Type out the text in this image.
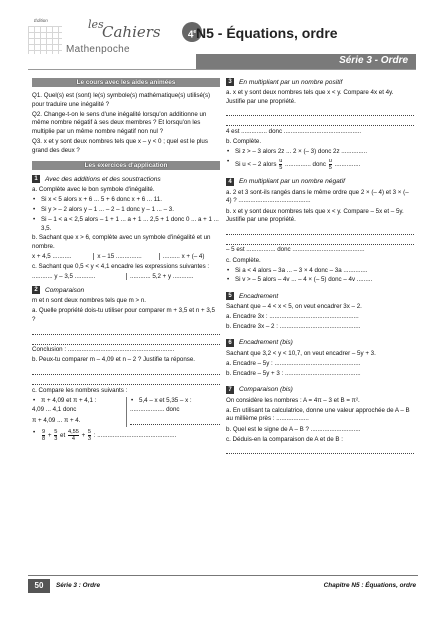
Édition	les
Cahiers
Mathenpoche
4e N5 - Équations, ordre
Série 3 - Ordre
Le cours avec les aides animées

Q1. Quel(s) est (sont) le(s) symbole(s) mathématique(s) utilisé(s) pour traduire une inégalité ?

Q2. Change-t-on le sens d'une inégalité lorsqu'on additionne un même nombre négatif à ses deux membres ? Et lorsqu'on les multiplie par un même nombre négatif non nul ?

Q3. x et y sont deux nombres tels que x – y < 0 ; quel est le plus grand des deux ?

Les exercices d'application
1	Avec des additions et des soustractions

a. Complète avec le bon symbole d'inégalité.

• Si x < 5 alors x + 6 ... 5 + 6 donc x + 6 ... 11.
• Si y > – 2 alors y – 1 ... – 2 – 1 donc y – 1 ... – 3.
• Si – 1 < a < 2,5 alors – 1 + 1 ... a + 1 ... 2,5 + 1 donc 0 ... a + 1 ... 3,5.

b. Sachant que x > 6, complète avec un symbole d'inégalité et un nombre.

x + 4,5 ...........	x – 15 ...............	.......... x + (– 4)

c. Sachant que 0,5 < y < 4,1 encadre les expressions suivantes :

............ y – 3,5 ............	............ 5,2 + y ............
2	Comparaison

m et n sont deux nombres tels que m > n.

a. Quelle propriété dois-tu utiliser pour comparer m + 3,5 et n + 3,5 ?

Conclusion : ..............................................................

b. Peux-tu comparer m – 4,09 et n – 2 ? Justifie ta réponse.

c. Compare les nombres suivants :

• π + 4,09 et π + 4,1 :

4,09 ... 4,1 donc

π + 4,09 ... π + 4.

• 5,4 – x et 5,35 – x :

.................... donc

• $\frac{9}{8} + \frac{5}{3}$ et $\frac{4,55}{4} + \frac{5}{3}$ : ..............................................
3	En multipliant par un nombre positif

a. x et y sont deux nombres tels que x < y. Compare 4x et 4y. Justifie par une propriété.

4 est ............... donc .............................................

b. Complète.

• Si z > – 3 alors 2z ... 2 × (– 3) donc 2z ...............
• Si u < – 2 alors $\frac{u}{5}$ ............... donc $\frac{u}{5}$ ...............
4	En multipliant par un nombre négatif

a. 2 et 3 sont-ils rangés dans le même ordre que 2 × (– 4) et 3 × (– 4) ? ..........................................

b. x et y sont deux nombres tels que x < y. Compare – 5x et – 5y. Justifie par une propriété.

– 5 est ................. donc ..........................................

c. Complète.

• Si a < 4 alors – 3a ... – 3 × 4 donc – 3a ..............
• Si v > – 5 alors – 4v ... – 4 × (– 5) donc – 4v .........
5	Encadrement

Sachant que – 4 < x < 5, on veut encadrer 3x – 2.

a. Encadre 3x : ....................................................

b. Encadre 3x – 2 : ...............................................

6	Encadrement (bis)

Sachant que 3,2 < y < 10,7, on veut encadrer – 5y + 3.

a. Encadre – 5y : ..................................................

b. Encadre – 5y + 3 : ............................................

7	Comparaison (bis)

On considère les nombres : A = 4π – 3 et B = π².

a. En utilisant ta calculatrice, donne une valeur approchée de A – B au millième près : ...................

b. Quel est le signe de A – B ? .............................

c. Déduis-en la comparaison de A et de B :

50	Série 3 : Ordre	Chapitre N5 : Équations, ordre
